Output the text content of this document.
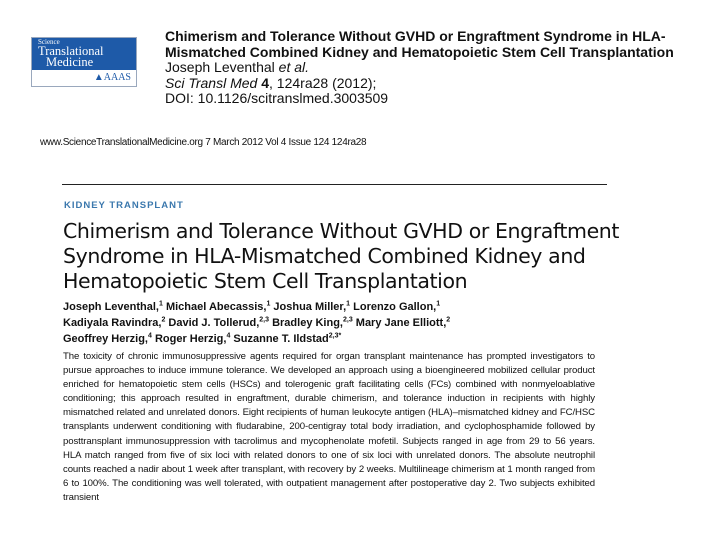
Science
Translational
Medicine
▲AAAS
Chimerism and Tolerance Without GVHD or Engraftment Syndrome in HLA-Mismatched Combined Kidney and Hematopoietic Stem Cell Transplantation
Joseph Leventhal et al.
Sci Transl Med 4, 124ra28 (2012);
DOI: 10.1126/scitranslmed.3003509
www.ScienceTranslationalMedicine.org 7 March 2012 Vol 4 Issue 124 124ra28
KIDNEY TRANSPLANT
Chimerism and Tolerance Without GVHD or Engraftment Syndrome in HLA-Mismatched Combined Kidney and Hematopoietic Stem Cell Transplantation
Joseph Leventhal,$^1$ Michael Abecassis,$^1$ Joshua Miller,$^1$ Lorenzo Gallon,$^1$
Kadiyala Ravindra,$^2$ David J. Tollerud,$^{2,3}$ Bradley King,$^{2,3}$ Mary Jane Elliott,$^2$
Geoffrey Herzig,$^4$ Roger Herzig,$^4$ Suzanne T. Ildstad$^{2,3*}$
The toxicity of chronic immunosuppressive agents required for organ transplant maintenance has prompted investigators to pursue approaches to induce immune tolerance. We developed an approach using a bioengineered mobilized cellular product enriched for hematopoietic stem cells (HSCs) and tolerogenic graft facilitating cells (FCs) combined with nonmyeloablative conditioning; this approach resulted in engraftment, durable chimerism, and tolerance induction in recipients with highly mismatched related and unrelated donors. Eight recipients of human leukocyte antigen (HLA)–mismatched kidney and FC/HSC transplants underwent conditioning with fludarabine, 200-centigray total body irradiation, and cyclophosphamide followed by posttransplant immunosuppression with tacrolimus and mycophenolate mofetil. Subjects ranged in age from 29 to 56 years. HLA match ranged from five of six loci with related donors to one of six loci with unrelated donors. The absolute neutrophil counts reached a nadir about 1 week after transplant, with recovery by 2 weeks. Multilineage chimerism at 1 month ranged from 6 to 100%. The conditioning was well tolerated, with outpatient management after postoperative day 2. Two subjects exhibited transient
